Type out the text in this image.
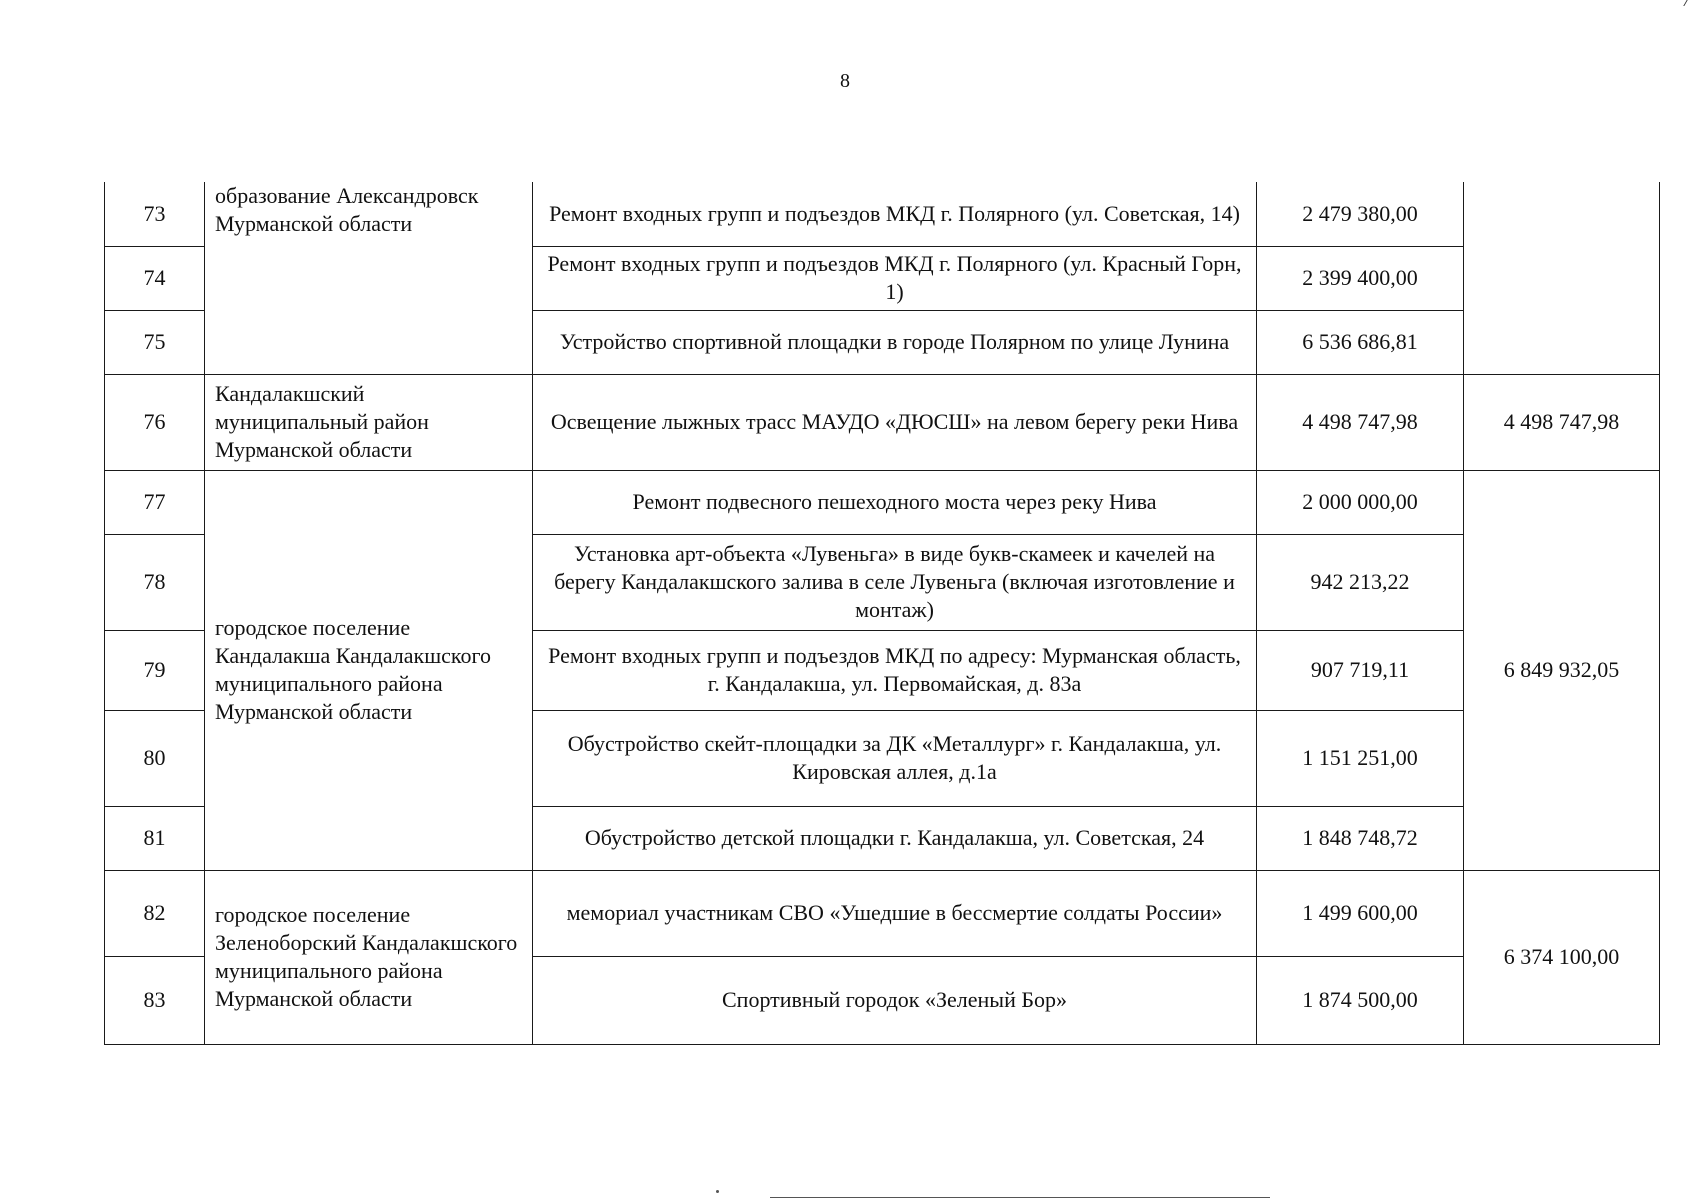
8
73	образование Александровск Мурманской области	Ремонт входных групп и подъездов МКД г. Полярного (ул. Советская, 14)	2 479 380,00	
74		Ремонт входных групп и подъездов МКД г. Полярного (ул. Красный Горн, 1)	2 399 400,00	
75		Устройство спортивной площадки в городе Полярном по улице Лунина	6 536 686,81	
76	Кандалакшский муниципальный район Мурманской области	Освещение лыжных трасс МАУДО «ДЮСШ» на левом берегу реки Нива	4 498 747,98	4 498 747,98
77	городское поселение Кандалакша Кандалакшского муниципального района Мурманской области	Ремонт подвесного пешеходного моста через реку Нива	2 000 000,00	6 849 932,05
78		Установка арт-объекта «Лувеньга» в виде букв-скамеек и качелей на берегу Кандалакшского залива в селе Лувеньга (включая изготовление и монтаж)	942 213,22	
79		Ремонт входных групп и подъездов МКД по адресу: Мурманская область, г. Кандалакша, ул. Первомайская, д. 83а	907 719,11	
80		Обустройство скейт-площадки за ДК «Металлург» г. Кандалакша, ул. Кировская аллея, д.1а	1 151 251,00	
81		Обустройство детской площадки г. Кандалакша, ул. Советская, 24	1 848 748,72	
82	городское поселение Зеленоборский Кандалакшского муниципального района Мурманской области	мемориал участникам СВО «Ушедшие в бессмертие солдаты России»	1 499 600,00	6 374 100,00
83		Спортивный городок «Зеленый Бор»	1 874 500,00	
